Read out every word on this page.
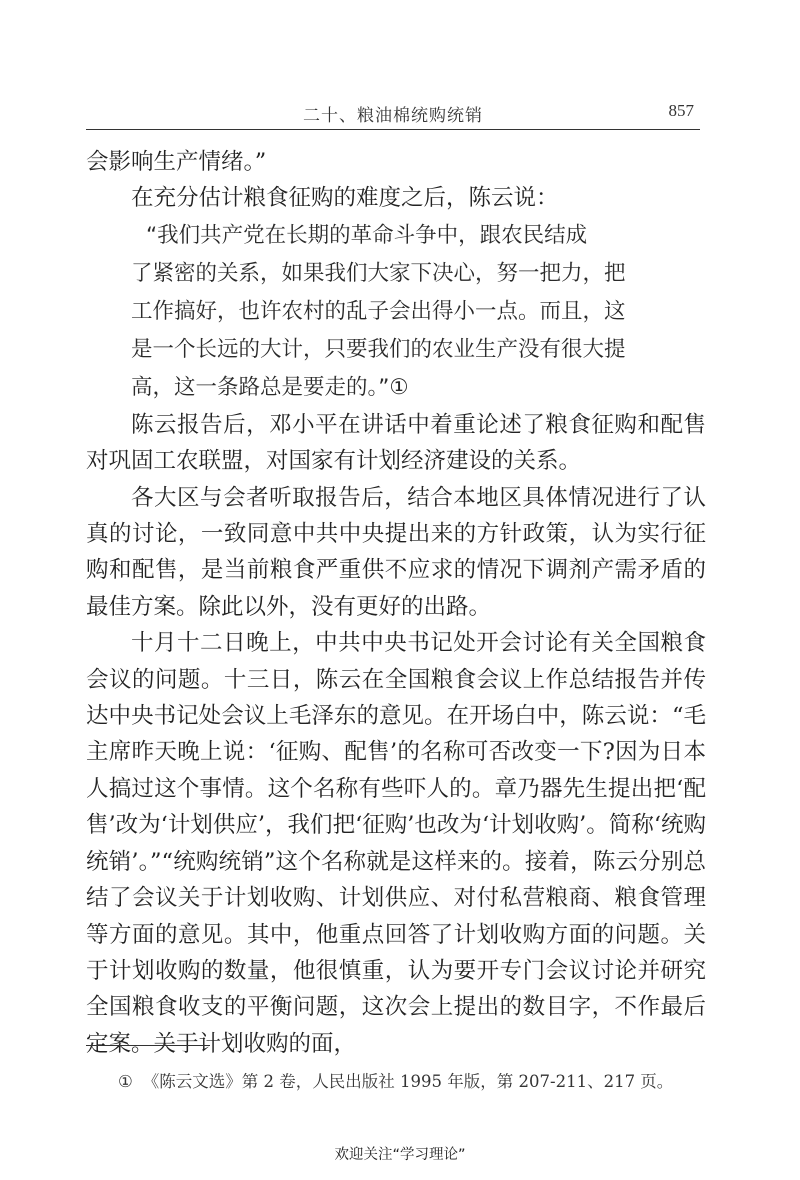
二十、粮油棉统购统销	857

会影响生产情绪。”

在充分估计粮食征购的难度之后，陈云说：

“我们共产党在长期的革命斗争中，跟农民结成
了紧密的关系，如果我们大家下决心，努一把力，把
工作搞好，也许农村的乱子会出得小一点。而且，这
是一个长远的大计，只要我们的农业生产没有很大提
高，这一条路总是要走的。”①

陈云报告后，邓小平在讲话中着重论述了粮食征购和配售对巩固工农联盟，对国家有计划经济建设的关系。

各大区与会者听取报告后，结合本地区具体情况进行了认真的讨论，一致同意中共中央提出来的方针政策，认为实行征购和配售，是当前粮食严重供不应求的情况下调剂产需矛盾的最佳方案。除此以外，没有更好的出路。

十月十二日晚上，中共中央书记处开会讨论有关全国粮食会议的问题。十三日，陈云在全国粮食会议上作总结报告并传达中央书记处会议上毛泽东的意见。在开场白中，陈云说：“毛主席昨天晚上说：‘征购、配售’的名称可否改变一下?因为日本人搞过这个事情。这个名称有些吓人的。章乃器先生提出把‘配售’改为‘计划供应’，我们把‘征购’也改为‘计划收购’。简称‘统购统销’。”“统购统销”这个名称就是这样来的。接着，陈云分别总结了会议关于计划收购、计划供应、对付私营粮商、粮食管理等方面的意见。其中，他重点回答了计划收购方面的问题。关于计划收购的数量，他很慎重，认为要开专门会议讨论并研究全国粮食收支的平衡问题，这次会上提出的数目字，不作最后定案。关于计划收购的面，

① 《陈云文选》第 2 卷，人民出版社 1995 年版，第 207-211、217 页。
欢迎关注“学习理论”
